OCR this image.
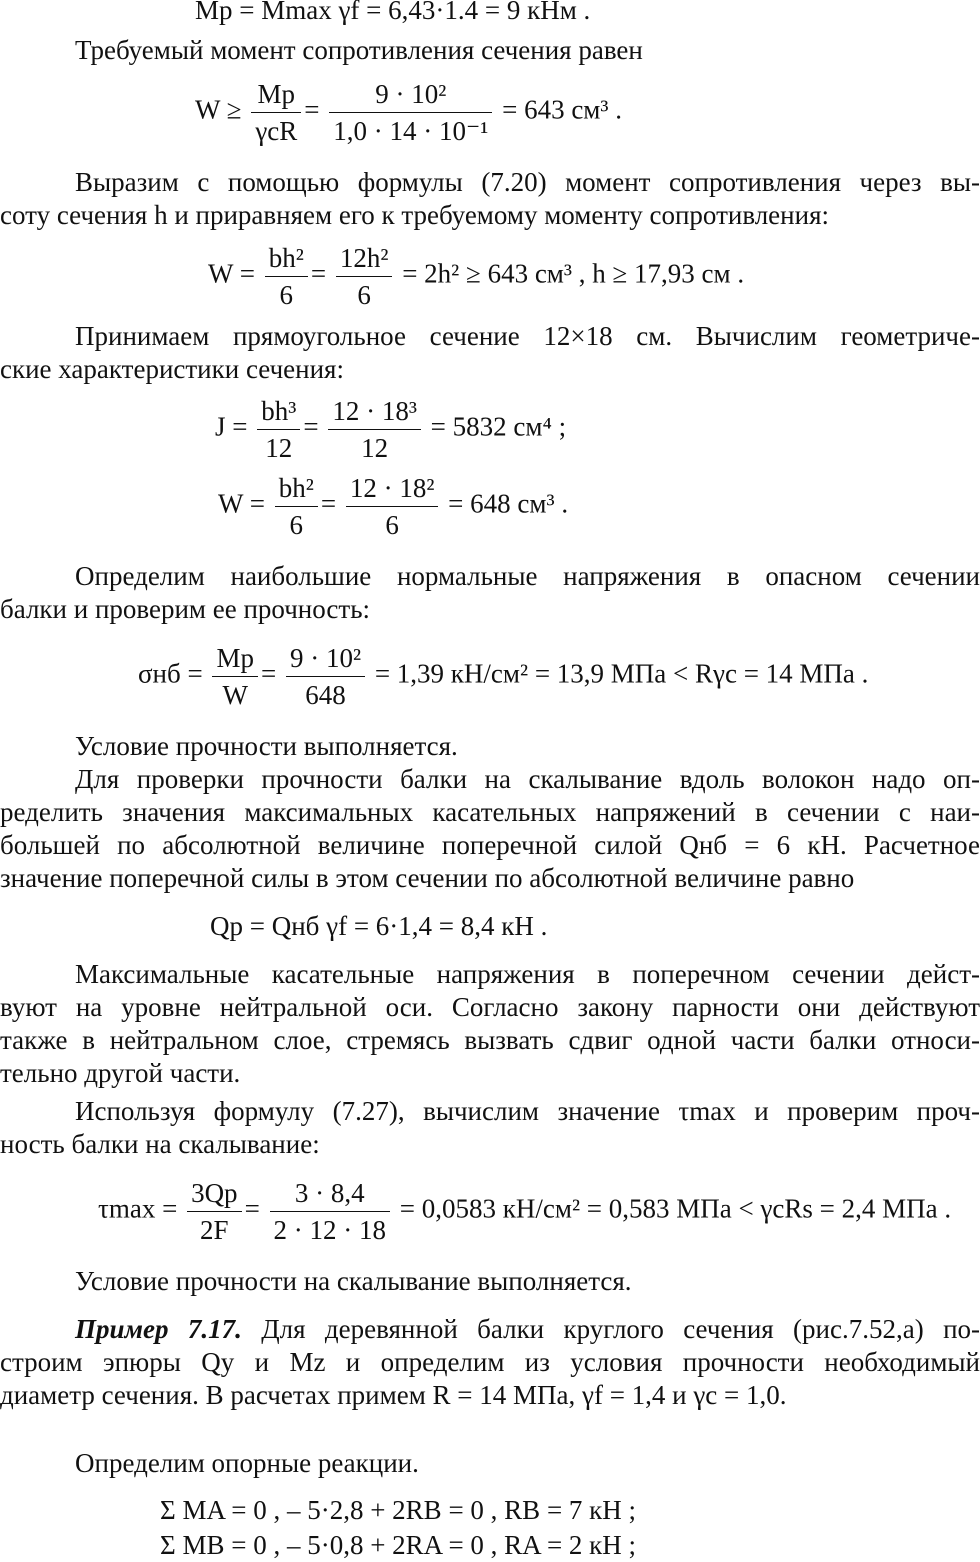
Mр = Mmax γf = 6,43·1.4 = 9 кНм .

Требуемый момент сопротивления сечения равен

$W \ge \frac{Mр}{\text{γcR}} = \frac{\text{9 · 10²}}{\text{1,0 · 14 · 10⁻¹}} = 643$ см³ .

Выразим с помощью формулы (7.20) момент сопротивления через вы-

соту сечения h и приравняем его к требуемому моменту сопротивления:

$W = \frac{\text{bh²}}{6} = \frac{\text{12h²}}{6} = 2h^2 \ge 643$ см³ , h ≥ 17,93 см .

Принимаем прямоугольное сечение 12×18 см. Вычислим геометриче-

ские характеристики сечения:

$J = \frac{\text{bh³}}{12} = \frac{\text{12 · 18³}}{12} = 5832$ см⁴ ;
$W = \frac{\text{bh²}}{6} = \frac{\text{12 · 18²}}{6} = 648$ см³ .

Определим наибольшие нормальные напряжения в опасном сечении

балки и проверим ее прочность:

$\sigma нб = \frac{Mр}{W} = \frac{\text{9 · 10²}}{648} = 1,39$ кН/см² = 13,9 МПа < Rγc = 14 МПа .

Условие прочности выполняется.

Для проверки прочности балки на скалывание вдоль волокон надо оп-

ределить значения максимальных касательных напряжений в сечении с наи-

большей по абсолютной величине поперечной силой Qнб = 6 кН. Расчетное

значение поперечной силы в этом сечении по абсолютной величине равно

Qр = Qнб γf = 6·1,4 = 8,4 кН .

Максимальные касательные напряжения в поперечном сечении дейст-

вуют на уровне нейтральной оси. Согласно закону парности они действуют

также в нейтральном слое, стремясь вызвать сдвиг одной части балки относи-

тельно другой части.

Используя формулу (7.27), вычислим значение τmax и проверим проч-

ность балки на скалывание:

$\tau\max = \frac{3Qр}{2F} = \frac{3 \cdot 8,4}{2 \cdot 12 \cdot 18} = 0,0583$ кН/см² = 0,583 МПа < γcRs = 2,4 МПа .

Условие прочности на скалывание выполняется.

Пример 7.17. Для деревянной балки круглого сечения (рис.7.52,а) по-

строим эпюры Qy и Mz и определим из условия прочности необходимый

диаметр сечения. В расчетах примем R = 14 МПа, γf = 1,4 и γc = 1,0.

Определим опорные реакции.

Σ MA = 0 , – 5·2,8 + 2RB = 0 , RB = 7 кН ;
Σ MB = 0 , – 5·0,8 + 2RA = 0 , RA = 2 кН ;
